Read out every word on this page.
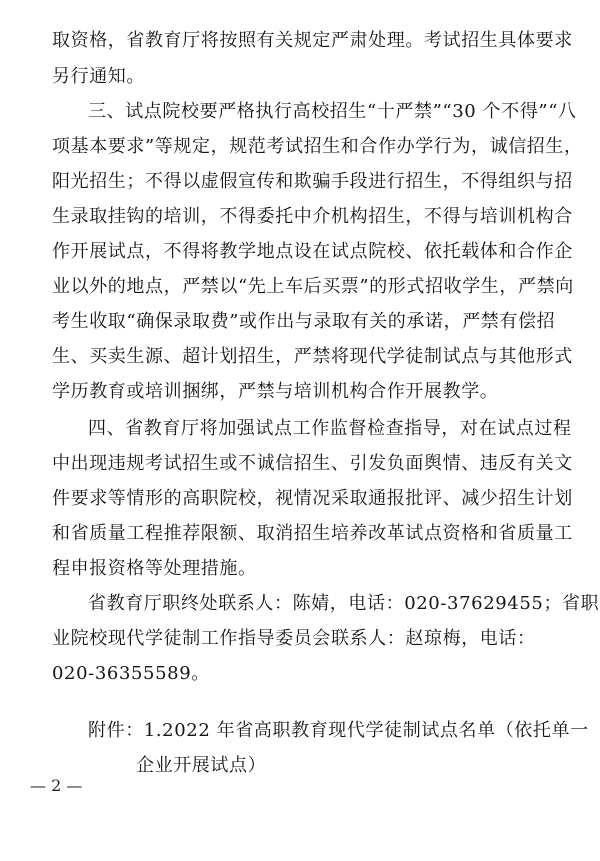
取资格，省教育厅将按照有关规定严肃处理。考试招生具体要求
另行通知。
三、试点院校要严格执行高校招生“十严禁”“30 个不得”“八
项基本要求”等规定，规范考试招生和合作办学行为，诚信招生，
阳光招生；不得以虚假宣传和欺骗手段进行招生，不得组织与招
生录取挂钩的培训，不得委托中介机构招生，不得与培训机构合
作开展试点，不得将教学地点设在试点院校、依托载体和合作企
业以外的地点，严禁以“先上车后买票”的形式招收学生，严禁向
考生收取“确保录取费”或作出与录取有关的承诺，严禁有偿招
生、买卖生源、超计划招生，严禁将现代学徒制试点与其他形式
学历教育或培训捆绑，严禁与培训机构合作开展教学。
四、省教育厅将加强试点工作监督检查指导，对在试点过程
中出现违规考试招生或不诚信招生、引发负面舆情、违反有关文
件要求等情形的高职院校，视情况采取通报批评、减少招生计划
和省质量工程推荐限额、取消招生培养改革试点资格和省质量工
程申报资格等处理措施。
省教育厅职终处联系人：陈婧，电话：020-37629455；省职
业院校现代学徒制工作指导委员会联系人：赵琼梅，电话：
020-36355589。
附件：1.2022 年省高职教育现代学徒制试点名单（依托单一
企业开展试点）
— 2 —
